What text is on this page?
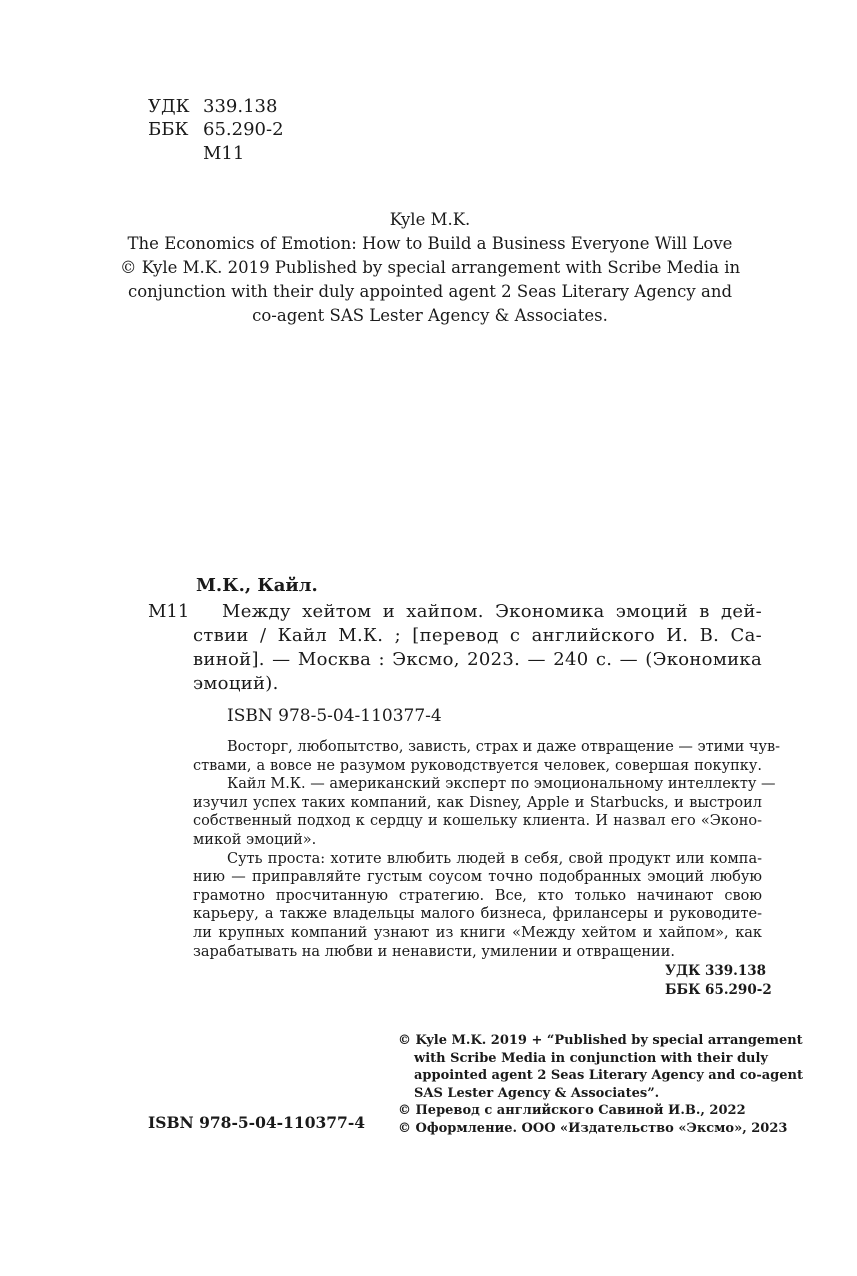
УДК 339.138
ББК 65.290-2
М11
Kyle M.K.
The Economics of Emotion: How to Build a Business Everyone Will Love
© Kyle M.K. 2019 Published by special arrangement with Scribe Media in
conjunction with their duly appointed agent 2 Seas Literary Agency and
co-agent SAS Lester Agency & Associates.
М.К., Кайл.
М11	Между хейтом и хайпом. Экономика эмоций в дей-
ствии / Кайл М.К. ; [перевод с английского И. В. Са-
виной]. — Москва : Эксмо, 2023. — 240 с. — (Экономика
эмоций).
ISBN 978-5-04-110377-4
Восторг, любопытство, зависть, страх и даже отвращение — этими чув-
ствами, а вовсе не разумом руководствуется человек, совершая покупку.
Кайл М.К. — американский эксперт по эмоциональному интеллекту —
изучил успех таких компаний, как Disney, Apple и Starbucks, и выстроил
собственный подход к сердцу и кошельку клиента. И назвал его «Эконо-
микой эмоций».
Суть проста: хотите влюбить людей в себя, свой продукт или компа-
нию — приправляйте густым соусом точно подобранных эмоций любую
грамотно просчитанную стратегию. Все, кто только начинают свою
карьеру, а также владельцы малого бизнеса, фрилансеры и руководите-
ли крупных компаний узнают из книги «Между хейтом и хайпом», как
зарабатывать на любви и ненависти, умилении и отвращении.
УДК 339.138
ББК 65.290-2
© Kyle M.K. 2019 + “Published by special arrangement
with Scribe Media in conjunction with their duly
appointed agent 2 Seas Literary Agency and co-agent
SAS Lester Agency & Associates”.
© Перевод с английского Савиной И.В., 2022
© Оформление. ООО «Издательство «Эксмо», 2023
ISBN 978-5-04-110377-4
